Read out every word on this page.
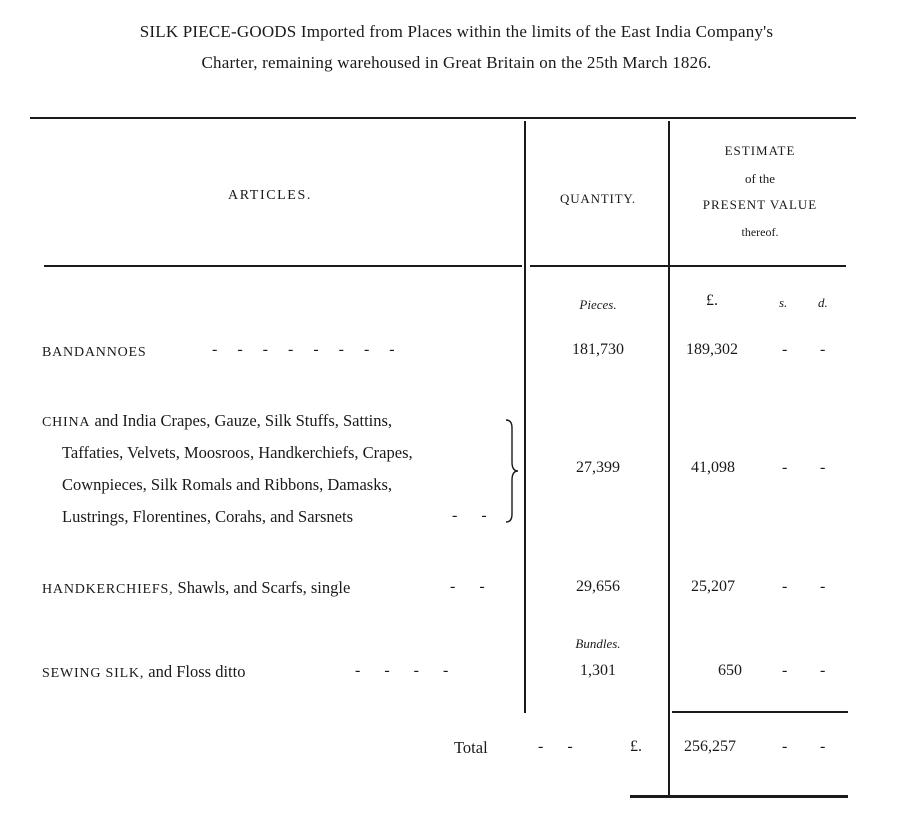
SILK PIECE-GOODS Imported from Places within the limits of the East India Company's
Charter, remaining warehoused in Great Britain on the 25th March 1826.
ARTICLES.	QUANTITY.
ESTIMATE
of the
PRESENT VALUE
thereof.
Pieces.	£.	s. d.
BANDANNOES	-     -     -     -     -     -     -     -	181,730	189,302	- -
CHINA and India Crapes, Gauze, Silk Stuffs, Sattins,
Taffaties, Velvets, Moosroos, Handkerchiefs, Crapes,
Cownpieces, Silk Romals and Ribbons, Damasks,
Lustrings, Florentines, Corahs, and Sarsnets	-      -
27,399	41,098	- -
HANDKERCHIEFS, Shawls, and Scarfs, single	-      -	29,656	25,207	- -
Bundles.
SEWING SILK, and Floss ditto	-      -      -      -	1,301	650	- -
Total	-      -	£.	256,257	- -
